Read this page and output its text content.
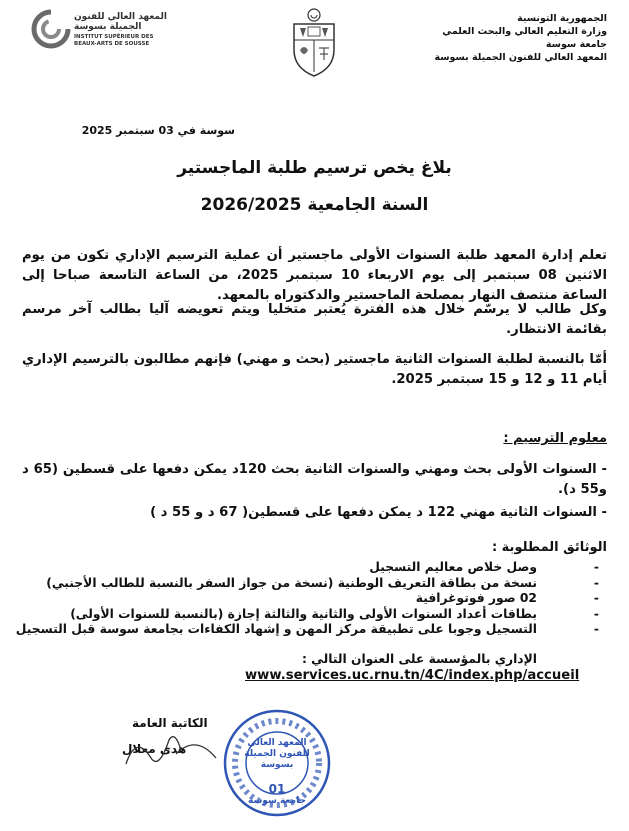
الجمهورية التونسية
وزارة التعليم العالي والبحث العلمي
جامعة سوسة
المعهد العالي للفنون الجميلة بسوسة
المعهد العالي للفنون
الجميلة بسوسة
INSTITUT SUPÉRIEUR DES
BEAUX-ARTS DE SOUSSE
سوسة في 03 سبتمبر 2025
بلاغ يخص ترسيم طلبة الماجستير
السنة الجامعية 2026/2025
تعلم إدارة المعهد طلبة السنوات الأولى ماجستير أن عملية الترسيم الإداري تكون من يوم الاثنين 08 سبتمبر إلى يوم الاربعاء 10 سبتمبر 2025، من الساعة التاسعة صباحا إلى الساعة منتصف النهار بمصلحة الماجستير والدكتوراه بالمعهد.
وكل طالب لا يرسّم خلال هذه الفترة يُعتبر متخليا ويتم تعويضه آليا بطالب آخر مرسم بقائمة الانتظار.
أمّا بالنسبة لطلبة السنوات الثانية ماجستير (بحث و مهني) فإنهم مطالبون بالترسيم الإداري أيام 11 و 12 و 15 سبتمبر 2025.
معلوم الترسيم :
- السنوات الأولى بحث ومهني والسنوات الثانية بحث 120د يمكن دفعها على قسطين (65 د و55 د).
- السنوات الثانية مهني 122 د يمكن دفعها على قسطين( 67 د و 55 د )
الوثائق المطلوبة :
- وصل خلاص معاليم التسجيل
- نسخة من بطاقة التعريف الوطنية (نسخة من جواز السفر بالنسبة للطالب الأجنبي)
- 02 صور فوتوغرافية
- بطاقات أعداد السنوات الأولى والثانية والثالثة إجازة (بالنسبة للسنوات الأولى)
- التسجيل وجوبا على تطبيقة مركز المهن و إشهاد الكفاءات بجامعة سوسة قبل التسجيل
الإداري بالمؤسسة على العنوان التالي :
www.services.uc.rnu.tn/4C/index.php/accueil
الكاتبة العامة
هدى معلال	المعهد العالي
للفنون الجميلة
بسوسة
01
جامعة سوسة
